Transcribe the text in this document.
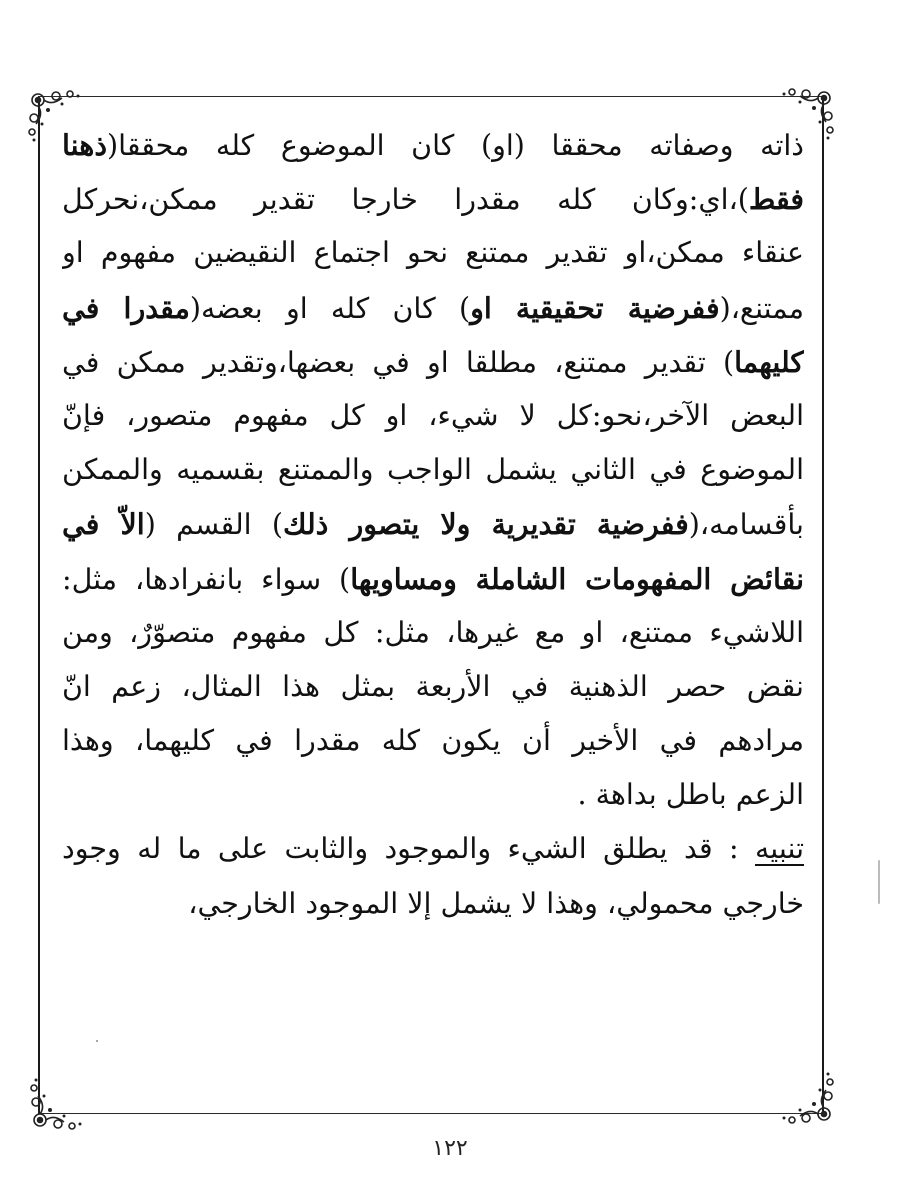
ذاته وصفاته محققا (او) كان الموضوع كله محققا(ذهنا
فقط)،اي:وكان كله مقدرا خارجا تقدير ممكن،نحركل
عنقاء ممكن،او تقدير ممتنع نحو اجتماع النقيضين مفهوم او
ممتنع،(ففرضية تحقيقية او) كان كله او بعضه(مقدرا في
كليهما) تقدير ممتنع، مطلقا او في بعضها،وتقدير ممكن في
البعض الآخر،نحو:كل لا شيء، او كل مفهوم متصور، فإنّ
الموضوع في الثاني يشمل الواجب والممتنع بقسميه والممكن
بأقسامه،(ففرضية تقديرية ولا يتصور ذلك) القسم (الاّ في
نقائض المفهومات الشاملة ومساويها) سواء بانفرادها، مثل:
اللاشيء ممتنع، او مع غيرها، مثل: كل مفهوم متصوّرٌ، ومن
نقض حصر الذهنية في الأربعة بمثل هذا المثال، زعم انّ
مرادهم في الأخير أن يكون كله مقدرا في كليهما، وهذا
الزعم باطل بداهة .
تنبيه : قد يطلق الشيء والموجود والثابت على ما له وجود
خارجي محمولي، وهذا لا يشمل إلا الموجود الخارجي،
١٢٢
